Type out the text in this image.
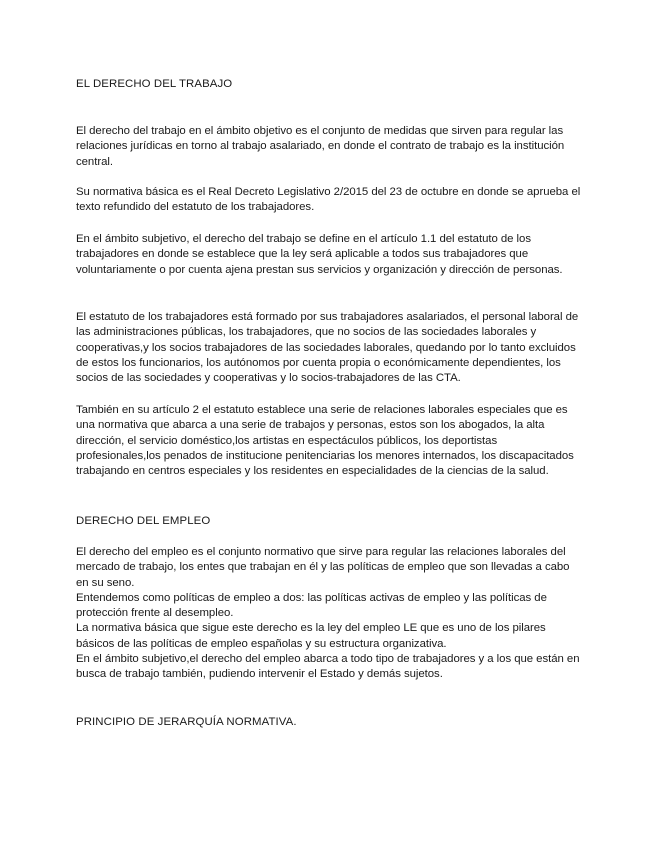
EL DERECHO DEL TRABAJO

El derecho del trabajo en el ámbito objetivo es el conjunto de medidas que sirven para regular las relaciones jurídicas en torno al trabajo asalariado, en donde el contrato de trabajo es la institución central.

Su normativa básica es el Real Decreto Legislativo 2/2015 del 23 de octubre en donde se aprueba el texto refundido del estatuto de los trabajadores.

En el ámbito subjetivo, el derecho del trabajo se define en el artículo 1.1 del estatuto de los trabajadores en donde se establece que la ley será aplicable a todos sus trabajadores que voluntariamente o por cuenta ajena prestan sus servicios y organización y dirección de personas.

El estatuto de los trabajadores está formado por sus trabajadores asalariados, el personal laboral de las administraciones públicas, los trabajadores, que no socios de las sociedades laborales y cooperativas,y los socios trabajadores de las sociedades laborales, quedando por lo tanto excluidos de estos los funcionarios, los autónomos por cuenta propia o económicamente dependientes, los socios de las sociedades y cooperativas y lo socios-trabajadores de las CTA.

También en su artículo 2 el estatuto establece una serie de relaciones laborales especiales que es una normativa que abarca a una serie de trabajos y personas, estos son los abogados, la alta dirección, el servicio doméstico,los artistas en espectáculos públicos, los deportistas profesionales,los penados de institucione penitenciarias los menores internados, los discapacitados trabajando en centros especiales y los residentes en especialidades de la ciencias de la salud.

DERECHO DEL EMPLEO

El derecho del empleo es el conjunto normativo que sirve para regular las relaciones laborales del mercado de trabajo, los entes que trabajan en él y las políticas de empleo que son llevadas a cabo en su seno.

Entendemos como políticas de empleo a dos: las políticas activas de empleo y las políticas de protección frente al desempleo.

La normativa básica que sigue este derecho es la ley del empleo LE que es uno de los pilares básicos de las políticas de empleo españolas y su estructura organizativa.

En el ámbito subjetivo,el derecho del empleo abarca a todo tipo de trabajadores y a los que están en busca de trabajo también, pudiendo intervenir el Estado y demás sujetos.

PRINCIPIO DE JERARQUÍA NORMATIVA.
